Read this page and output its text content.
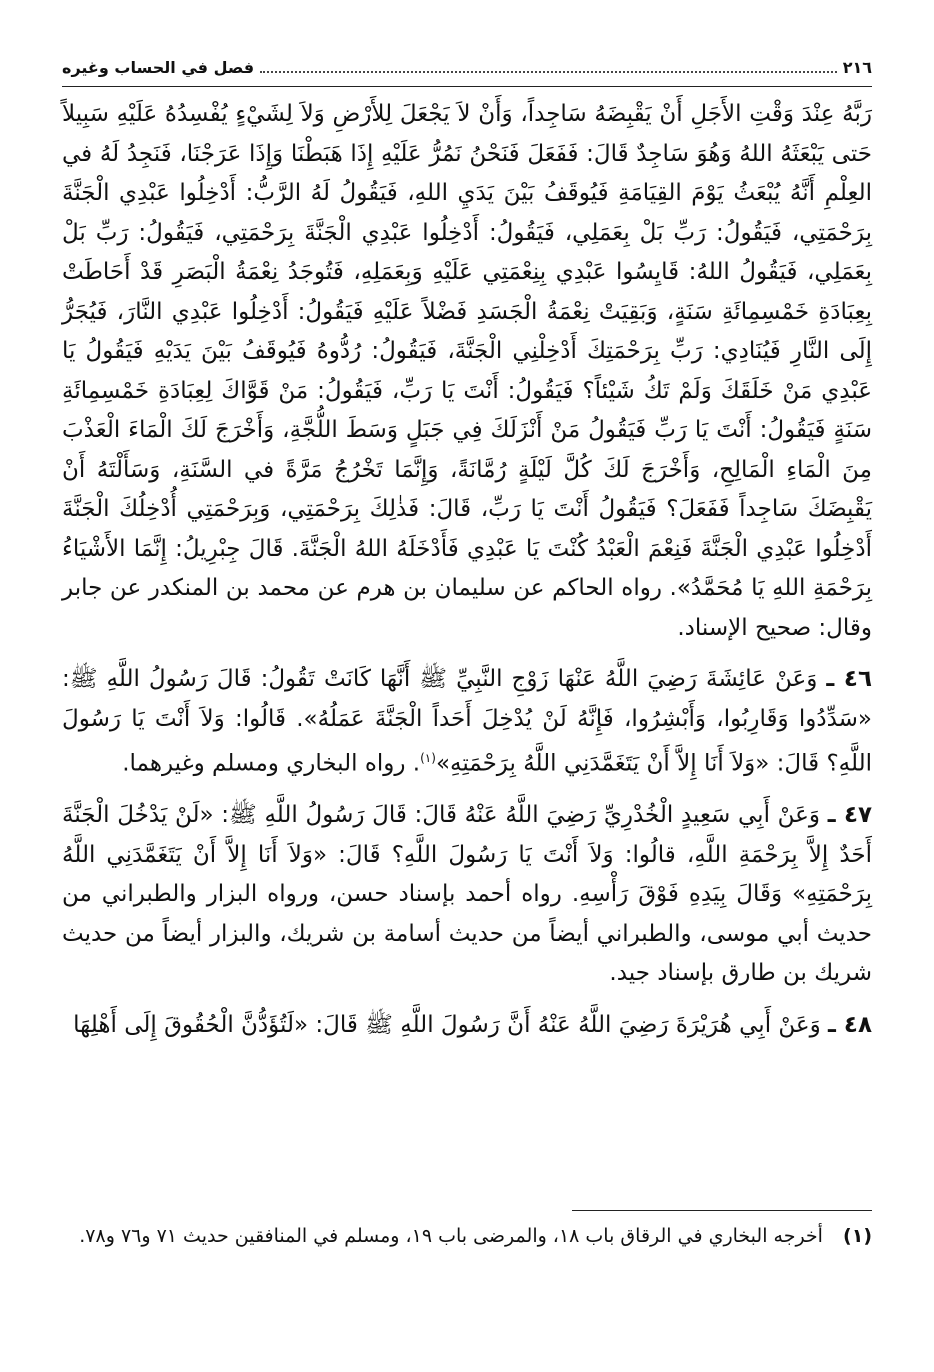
٢١٦
فصل في الحساب وغيره

رَبَّهُ عِنْدَ وَقْتِ الأَجَلِ أَنْ يَقْبِضَهُ سَاجِداً، وَأَنْ لاَ يَجْعَلَ لِلأَرْضِ وَلاَ لِشَيْءٍ يُفْسِدُهُ عَلَيْهِ سَبِيلاً حَتى يَبْعَثَهُ اللهُ وَهُوَ سَاجِدٌ قَالَ: فَفَعَلَ فَنَحْنُ نَمُرُّ عَلَيْهِ إِذَا هَبَطْنَا وَإِذَا عَرَجْنَا، فَنَجِدُ لَهُ في العِلْمِ أَنَّهُ يُبْعَثُ يَوْمَ القِيَامَةِ فَيُوقَفُ بَيْنَ يَدَيِ اللهِ، فَيَقُولُ لَهُ الرَّبُّ: أَدْخِلُوا عَبْدِي الْجَنَّةَ بِرَحْمَتِي، فَيَقُولُ: رَبِّ بَلْ بِعَمَلِي، فَيَقُولُ: أَدْخِلُوا عَبْدِي الْجَنَّةَ بِرَحْمَتِي، فَيَقُولُ: رَبِّ بَلْ بِعَمَلِي، فَيَقُولُ اللهُ: قَايِسُوا عَبْدِي بِنِعْمَتِي عَلَيْهِ وَبِعَمَلِهِ، فَتُوجَدُ نِعْمَةُ الْبَصَرِ قَدْ أَحَاطَتْ بِعِبَادَةِ خَمْسِمِائَةِ سَنَةٍ، وَبَقِيَتْ نِعْمَةُ الْجَسَدِ فَضْلاً عَلَيْهِ فَيَقُولُ: أَدْخِلُوا عَبْدِي النَّارَ، فَيُجَرُّ إِلَى النَّارِ فَيُنَادِي: رَبِّ بِرَحْمَتِكَ أَدْخِلْنِي الْجَنَّةَ، فَيَقُولُ: رُدُّوهُ فَيُوقَفُ بَيْنَ يَدَيْهِ فَيَقُولُ يَا عَبْدِي مَنْ خَلَقَكَ وَلَمْ تَكُ شَيْئاً؟ فَيَقُولُ: أَنْتَ يَا رَبِّ، فَيَقُولُ: مَنْ قَوَّاكَ لِعِبَادَةِ خَمْسِمِائَةِ سَنَةٍ فَيَقُولُ: أَنْتَ يَا رَبِّ فَيَقُولُ مَنْ أَنْزَلَكَ فِي جَبَلٍ وَسَطَ اللُّجَّةِ، وَأَخْرَجَ لَكَ الْمَاءَ الْعَذْبَ مِنَ الْمَاءِ الْمَالِحِ، وَأَخْرَجَ لَكَ كُلَّ لَيْلَةٍ رُمَّانَةً، وَإِنَّمَا تَخْرُجُ مَرَّةً في السَّنَةِ، وَسَأَلْتَهُ أَنْ يَقْبِضَكَ سَاجِداً فَفَعَلَ؟ فَيَقُولُ أَنْتَ يَا رَبِّ، قَالَ: فَذٰلِكَ بِرَحْمَتِي، وَبِرَحْمَتِي أُدْخِلُكَ الْجَنَّةَ أَدْخِلُوا عَبْدِي الْجَنَّةَ فَنِعْمَ الْعَبْدُ كُنْتَ يَا عَبْدِي فَأَدْخَلَهُ اللهُ الْجَنَّةَ. قَالَ جِبْرِيلُ: إِنَّمَا الأَشْيَاءُ بِرَحْمَةِ اللهِ يَا مُحَمَّدُ». رواه الحاكم عن سليمان بن هرم عن محمد بن المنكدر عن جابر وقال: صحيح الإسناد.

٤٦ ـ وَعَنْ عَائِشَةَ رَضِيَ اللَّهُ عَنْهَا زَوْجِ النَّبِيِّ ﷺ أَنَّهَا كَانَتْ تَقُولُ: قَالَ رَسُولُ اللَّهِ ﷺ: «سَدِّدُوا وَقَارِبُوا، وَأَبْشِرُوا، فَإِنَّهُ لَنْ يُدْخِلَ أَحَداً الْجَنَّةَ عَمَلُهُ». قَالُوا: وَلاَ أَنْتَ يَا رَسُولَ اللَّهِ؟ قَالَ: «وَلاَ أَنَا إِلاَّ أَنْ يَتَغَمَّدَنِي اللَّهُ بِرَحْمَتِهِ»$^{(١)}$. رواه البخاري ومسلم وغيرهما.

٤٧ ـ وَعَنْ أَبِي سَعِيدٍ الْخُدْرِيِّ رَضِيَ اللَّهُ عَنْهُ قَالَ: قَالَ رَسُولُ اللَّهِ ﷺ: «لَنْ يَدْخُلَ الْجَنَّةَ أَحَدٌ إِلاَّ بِرَحْمَةِ اللَّهِ، قالُوا: وَلاَ أَنْتَ يَا رَسُولَ اللَّهِ؟ قَالَ: «وَلاَ أَنَا إِلاَّ أَنْ يَتَغَمَّدَنِي اللَّهُ بِرَحْمَتِهِ» وَقَالَ بِيَدِهِ فَوْقَ رَأْسِهِ. رواه أحمد بإسناد حسن، ورواه البزار والطبراني من حديث أبي موسى، والطبراني أيضاً من حديث أسامة بن شريك، والبزار أيضاً من حديث شريك بن طارق بإسناد جيد.

٤٨ ـ وَعَنْ أَبِي هُرَيْرَةَ رَضِيَ اللَّهُ عَنْهُ أَنَّ رَسُولَ اللَّهِ ﷺ قَالَ: «لَتُؤَدُّنَّ الْحُقُوقَ إِلَى أَهْلِهَا

(١) أخرجه البخاري في الرقاق باب ١٨، والمرضى باب ١٩، ومسلم في المنافقين حديث ٧١ و٧٦ و٧٨.
